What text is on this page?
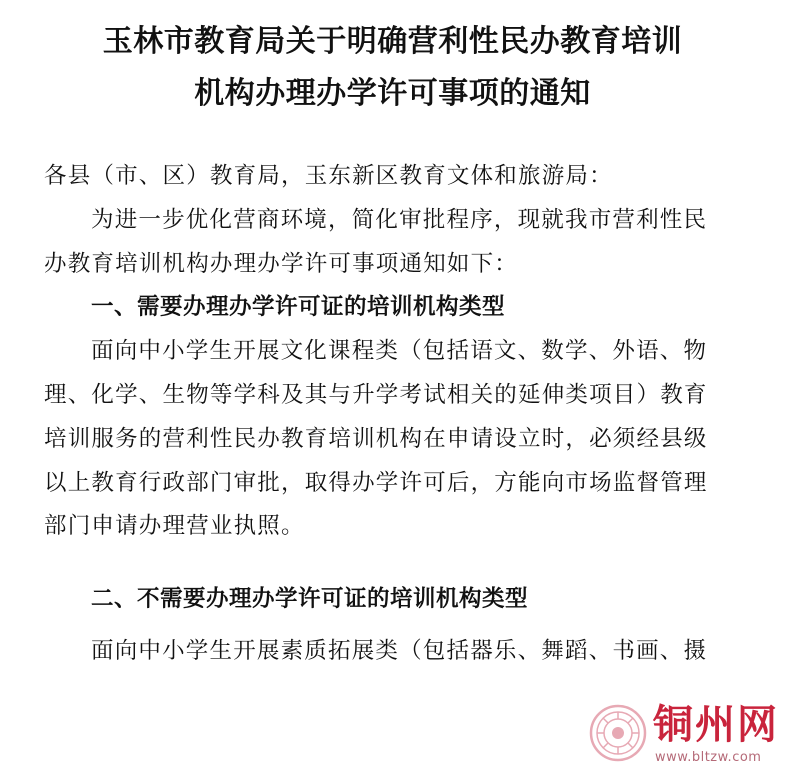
玉林市教育局关于明确营利性民办教育培训
机构办理办学许可事项的通知
各县（市、区）教育局，玉东新区教育文体和旅游局：
为进一步优化营商环境，简化审批程序，现就我市营利性民
办教育培训机构办理办学许可事项通知如下：
一、需要办理办学许可证的培训机构类型
面向中小学生开展文化课程类（包括语文、数学、外语、物
理、化学、生物等学科及其与升学考试相关的延伸类项目）教育
培训服务的营利性民办教育培训机构在申请设立时，必须经县级
以上教育行政部门审批，取得办学许可后，方能向市场监督管理
部门申请办理营业执照。
二、不需要办理办学许可证的培训机构类型
面向中小学生开展素质拓展类（包括器乐、舞蹈、书画、摄
铜州网
www.bltzw.com
